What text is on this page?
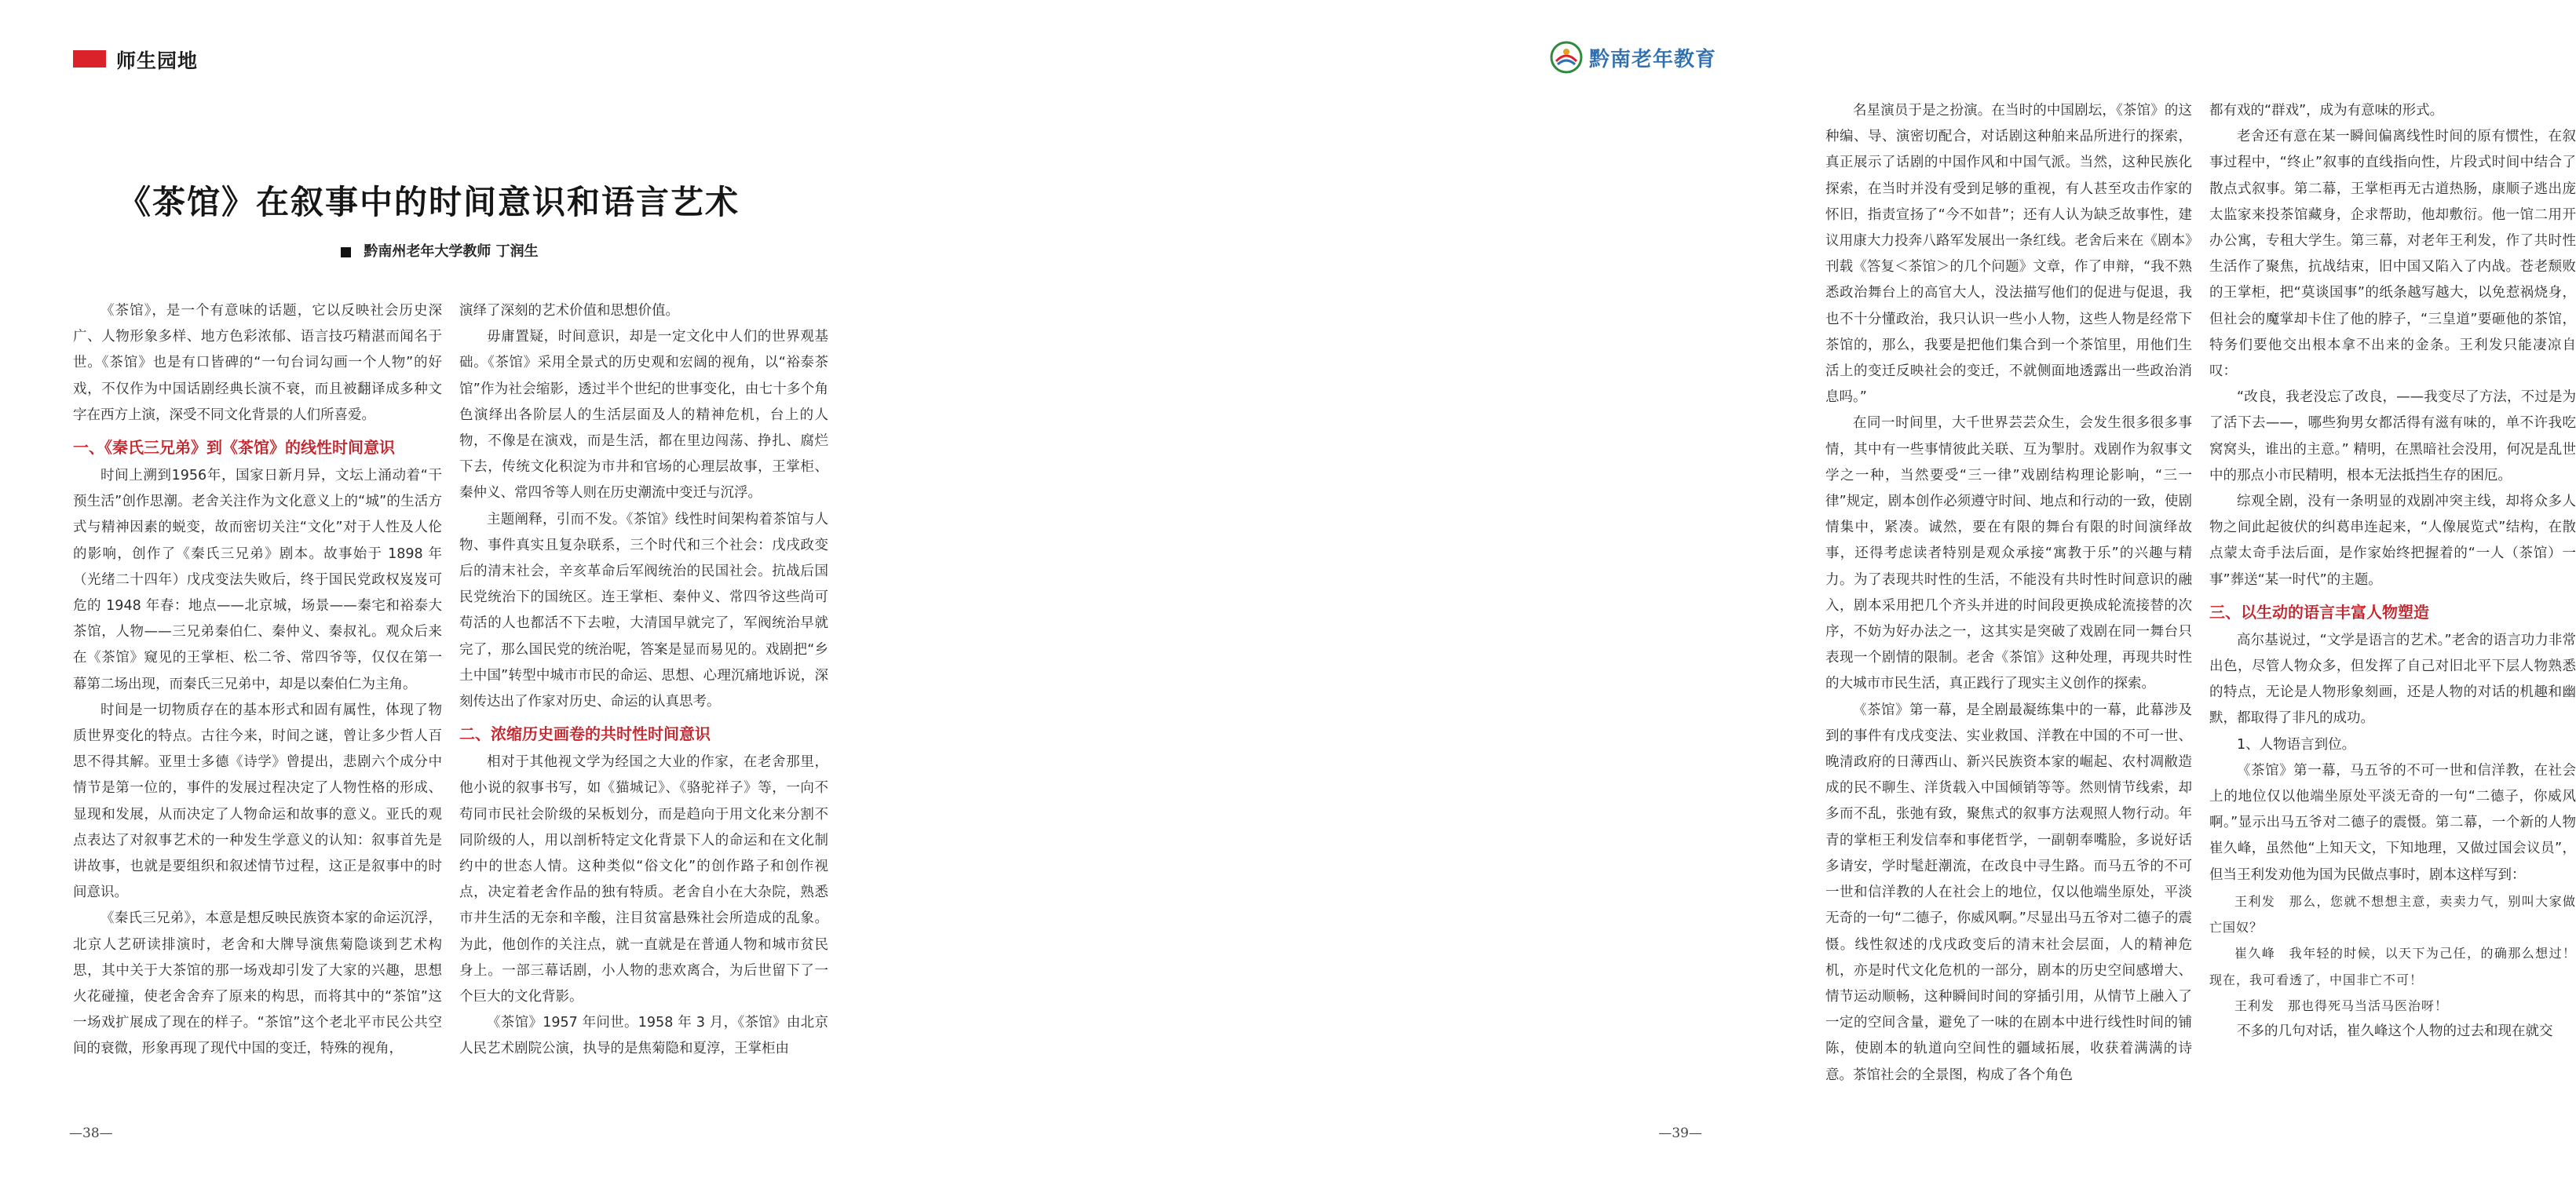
师生园地
《茶馆》在叙事中的时间意识和语言艺术
黔南州老年大学教师 丁润生

《茶馆》，是一个有意味的话题，它以反映社会历史深广、人物形象多样、地方色彩浓郁、语言技巧精湛而闻名于世。《茶馆》也是有口皆碑的“一句台词勾画一个人物”的好戏，不仅作为中国话剧经典长演不衰，而且被翻译成多种文字在西方上演，深受不同文化背景的人们所喜爱。

一、《秦氏三兄弟》到《茶馆》的线性时间意识

时间上溯到1956年，国家日新月异，文坛上涌动着“干预生活”创作思潮。老舍关注作为文化意义上的“城”的生活方式与精神因素的蜕变，故而密切关注“文化”对于人性及人伦的影响，创作了《秦氏三兄弟》剧本。故事始于 1898 年（光绪二十四年）戊戌变法失败后，终于国民党政权岌岌可危的 1948 年春：地点——北京城，场景——秦宅和裕泰大茶馆，人物——三兄弟秦伯仁、秦仲义、秦叔礼。观众后来在《茶馆》窥见的王掌柜、松二爷、常四爷等，仅仅在第一幕第二场出现，而秦氏三兄弟中，却是以秦伯仁为主角。

时间是一切物质存在的基本形式和固有属性，体现了物质世界变化的特点。古往今来，时间之谜，曾让多少哲人百思不得其解。亚里士多德《诗学》曾提出，悲剧六个成分中情节是第一位的，事件的发展过程决定了人物性格的形成、显现和发展，从而决定了人物命运和故事的意义。亚氏的观点表达了对叙事艺术的一种发生学意义的认知：叙事首先是讲故事，也就是要组织和叙述情节过程，这正是叙事中的时间意识。

《秦氏三兄弟》，本意是想反映民族资本家的命运沉浮，北京人艺研读排演时，老舍和大牌导演焦菊隐谈到艺术构思，其中关于大茶馆的那一场戏却引发了大家的兴趣，思想火花碰撞，使老舍舍弃了原来的构思，而将其中的“茶馆”这一场戏扩展成了现在的样子。“茶馆”这个老北平市民公共空间的衰微，形象再现了现代中国的变迁，特殊的视角，

演绎了深刻的艺术价值和思想价值。

毋庸置疑，时间意识，却是一定文化中人们的世界观基础。《茶馆》采用全景式的历史观和宏阔的视角，以“裕泰茶馆”作为社会缩影，透过半个世纪的世事变化，由七十多个角色演绎出各阶层人的生活层面及人的精神危机，台上的人物，不像是在演戏，而是生活，都在里边闯荡、挣扎、腐烂下去，传统文化积淀为市井和官场的心理层故事，王掌柜、秦仲义、常四爷等人则在历史潮流中变迁与沉浮。

主题阐释，引而不发。《茶馆》线性时间架构着茶馆与人物、事件真实且复杂联系，三个时代和三个社会：戊戌政变后的清末社会，辛亥革命后军阀统治的民国社会。抗战后国民党统治下的国统区。连王掌柜、秦仲义、常四爷这些尚可苟活的人也都活不下去啦，大清国早就完了，军阀统治早就完了，那么国民党的统治呢，答案是显而易见的。戏剧把“乡土中国”转型中城市市民的命运、思想、心理沉痛地诉说，深刻传达出了作家对历史、命运的认真思考。

二、浓缩历史画卷的共时性时间意识

相对于其他视文学为经国之大业的作家，在老舍那里，他小说的叙事书写，如《猫城记》、《骆驼祥子》等，一向不苟同市民社会阶级的呆板划分，而是趋向于用文化来分割不同阶级的人，用以剖析特定文化背景下人的命运和在文化制约中的世态人情。这种类似“俗文化”的创作路子和创作视点，决定着老舍作品的独有特质。老舍自小在大杂院，熟悉市井生活的无奈和辛酸，注目贫富悬殊社会所造成的乱象。为此，他创作的关注点，就一直就是在普通人物和城市贫民身上。一部三幕话剧，小人物的悲欢离合，为后世留下了一个巨大的文化背影。

《茶馆》1957 年问世。1958 年 3 月，《茶馆》由北京人民艺术剧院公演，执导的是焦菊隐和夏淳，王掌柜由

—38—
黔南老年教育

名星演员于是之扮演。在当时的中国剧坛，《茶馆》的这种编、导、演密切配合，对话剧这种舶来品所进行的探索，真正展示了话剧的中国作风和中国气派。当然，这种民族化探索，在当时并没有受到足够的重视，有人甚至攻击作家的怀旧，指责宣扬了“今不如昔”；还有人认为缺乏故事性，建议用康大力投奔八路军发展出一条红线。老舍后来在《剧本》刊载《答复＜茶馆＞的几个问题》文章，作了申辩，“我不熟悉政治舞台上的高官大人，没法描写他们的促进与促退，我也不十分懂政治，我只认识一些小人物，这些人物是经常下茶馆的，那么，我要是把他们集合到一个茶馆里，用他们生活上的变迁反映社会的变迁，不就侧面地透露出一些政治消息吗。”

在同一时间里，大千世界芸芸众生，会发生很多很多事情，其中有一些事情彼此关联、互为掣肘。戏剧作为叙事文学之一种，当然要受“三一律”戏剧结构理论影响，“三一律”规定，剧本创作必须遵守时间、地点和行动的一致，使剧情集中，紧凑。诚然，要在有限的舞台有限的时间演绎故事，还得考虑读者特别是观众承接“寓教于乐”的兴趣与精力。为了表现共时性的生活，不能没有共时性时间意识的融入，剧本采用把几个齐头并进的时间段更换成轮流接替的次序，不妨为好办法之一，这其实是突破了戏剧在同一舞台只表现一个剧情的限制。老舍《茶馆》这种处理，再现共时性的大城市市民生活，真正践行了现实主义创作的探索。

《茶馆》第一幕，是全剧最凝练集中的一幕，此幕涉及到的事件有戊戌变法、实业救国、洋教在中国的不可一世、晚清政府的日薄西山、新兴民族资本家的崛起、农村凋敝造成的民不聊生、洋货载入中国倾销等等。然则情节线索，却多而不乱，张弛有致，聚焦式的叙事方法观照人物行动。年青的掌柜王利发信奉和事佬哲学，一副朝奉嘴脸，多说好话多请安，学时髦赶潮流，在改良中寻生路。而马五爷的不可一世和信洋教的人在社会上的地位，仅以他端坐原处，平淡无奇的一句“二德子，你威风啊。”尽显出马五爷对二德子的震慑。线性叙述的戊戌政变后的清末社会层面，人的精神危机，亦是时代文化危机的一部分，剧本的历史空间感增大、情节运动顺畅，这种瞬间时间的穿插引用，从情节上融入了一定的空间含量，避免了一味的在剧本中进行线性时间的铺陈，使剧本的轨道向空间性的疆域拓展，收获着满满的诗意。茶馆社会的全景图，构成了各个角色

都有戏的“群戏”，成为有意味的形式。

老舍还有意在某一瞬间偏离线性时间的原有惯性，在叙事过程中，“终止”叙事的直线指向性，片段式时间中结合了散点式叙事。第二幕，王掌柜再无古道热肠，康顺子逃出庞太监家来投茶馆藏身，企求帮助，他却敷衍。他一馆二用开办公寓，专租大学生。第三幕，对老年王利发，作了共时性生活作了聚焦，抗战结束，旧中国又陷入了内战。苍老颓败的王掌柜，把“莫谈国事”的纸条越写越大，以免惹祸烧身，但社会的魔掌却卡住了他的脖子，“三皇道”要砸他的茶馆，特务们要他交出根本拿不出来的金条。王利发只能凄凉自叹：

“改良，我老没忘了改良，——我变尽了方法，不过是为了活下去——，哪些狗男女都活得有滋有味的，单不许我吃窝窝头，谁出的主意。” 精明，在黑暗社会没用，何况是乱世中的那点小市民精明，根本无法抵挡生存的困厄。

综观全剧，没有一条明显的戏剧冲突主线，却将众多人物之间此起彼伏的纠葛串连起来，“人像展览式”结构，在散点蒙太奇手法后面，是作家始终把握着的“一人（茶馆）一事”葬送“某一时代”的主题。

三、以生动的语言丰富人物塑造

高尔基说过，“文学是语言的艺术。”老舍的语言功力非常出色，尽管人物众多，但发挥了自己对旧北平下层人物熟悉的特点，无论是人物形象刻画，还是人物的对话的机趣和幽默，都取得了非凡的成功。

1、人物语言到位。

《茶馆》第一幕，马五爷的不可一世和信洋教，在社会上的地位仅以他端坐原处平淡无奇的一句“二德子，你威风啊。”显示出马五爷对二德子的震慑。第二幕，一个新的人物崔久峰，虽然他“上知天文，下知地理，又做过国会议员”，但当王利发劝他为国为民做点事时，剧本这样写到：

王利发　那么，您就不想想主意，卖卖力气，别叫大家做亡国奴？

崔久峰　我年轻的时候，以天下为己任，的确那么想过！现在，我可看透了，中国非亡不可！

王利发　那也得死马当活马医治呀！

不多的几句对话，崔久峰这个人物的过去和现在就交

—39—
